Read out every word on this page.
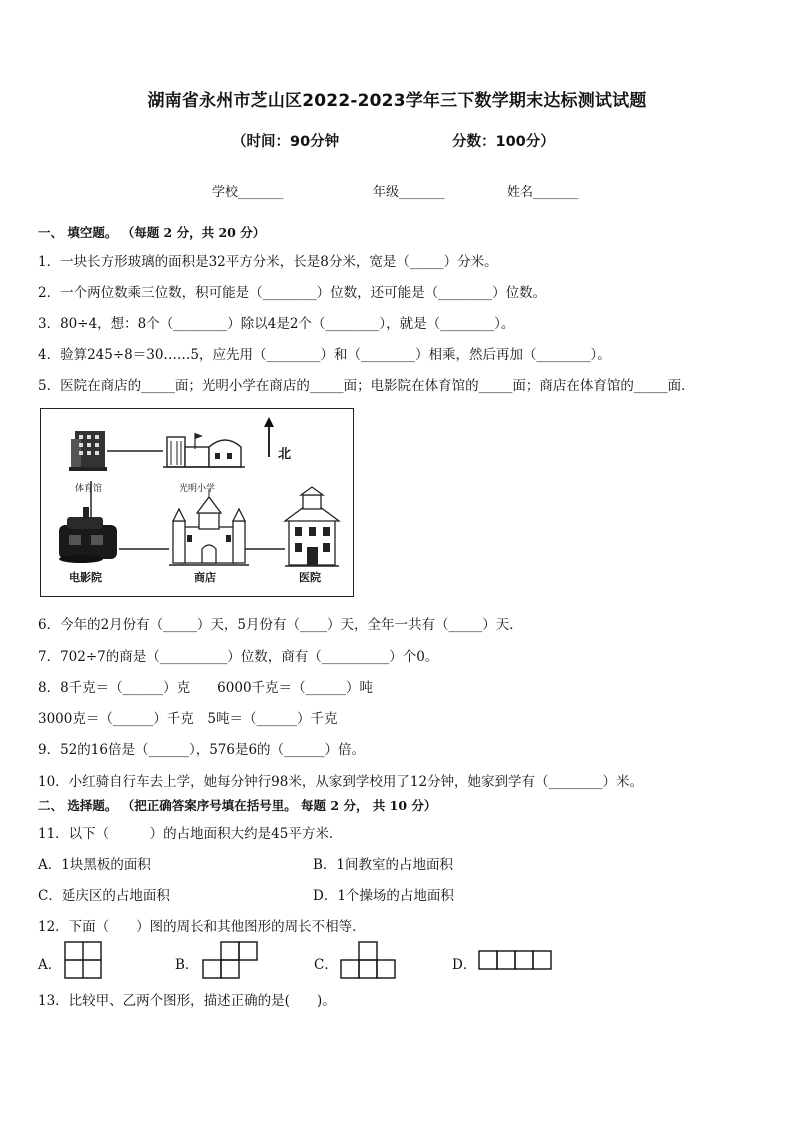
湖南省永州市芝山区2022-2023学年三下数学期末达标测试试题
（时间：90分钟	分数：100分）
学校_______	年级_______	姓名_______
一、 填空题。 （每题 2 分，共 20 分）
1．一块长方形玻璃的面积是32平方分米，长是8分米，宽是（_____）分米。
2．一个两位数乘三位数，积可能是（________）位数，还可能是（________）位数。
3．80÷4，想：8个（________）除以4是2个（________），就是（________）。
4．验算245÷8＝30……5，应先用（________）和（________）相乘，然后再加（________）。
5．医院在商店的_____面；光明小学在商店的_____面；电影院在体育馆的_____面；商店在体育馆的_____面．
北
体育馆	光明小学
电影院	商店	医院
6．今年的2月份有（_____）天，5月份有（____）天，全年一共有（_____）天．
7．702÷7的商是（__________）位数，商有（__________）个0。
8．8千克＝（______）克　　6000千克＝（______）吨
3000克＝（______）千克　5吨＝（______）千克
9．52的16倍是（______），576是6的（______）倍。
10．小红骑自行车去上学，她每分钟行98米，从家到学校用了12分钟，她家到学有（________）米。
二、 选择题。 （把正确答案序号填在括号里。 每题 2 分， 共 10 分）
11．以下（　　　）的占地面积大约是45平方米．
A．1块黑板的面积	B．1间教室的占地面积
C．延庆区的占地面积	D．1个操场的占地面积
12．下面（　　）图的周长和其他图形的周长不相等．
A．	B．	C．	D．
13．比较甲、乙两个图形，描述正确的是(　　)。
